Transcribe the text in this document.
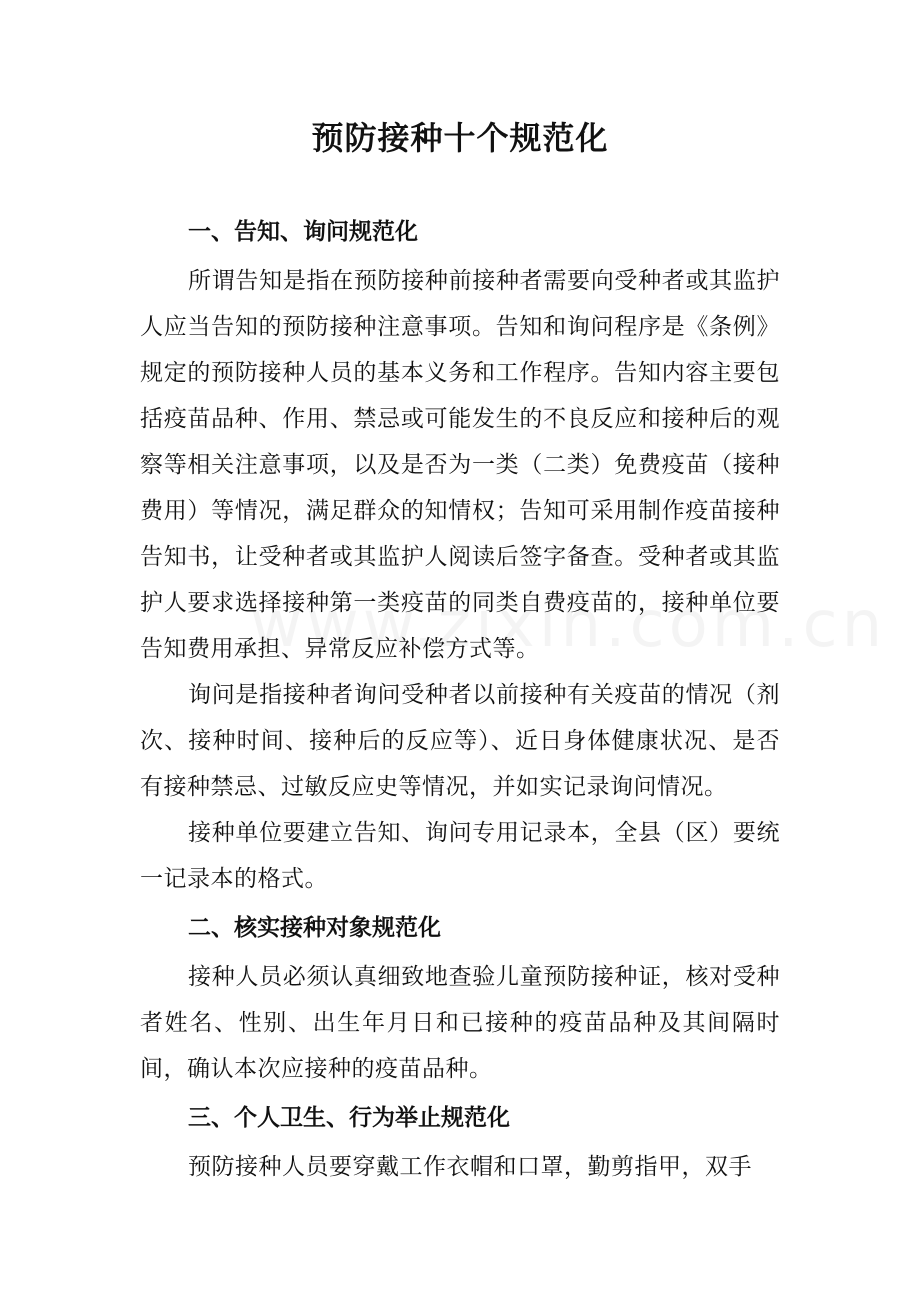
预防接种十个规范化

一、告知、询问规范化

所谓告知是指在预防接种前接种者需要向受种者或其监护人应当告知的预防接种注意事项。告知和询问程序是《条例》规定的预防接种人员的基本义务和工作程序。告知内容主要包括疫苗品种、作用、禁忌或可能发生的不良反应和接种后的观察等相关注意事项，以及是否为一类（二类）免费疫苗（接种费用）等情况，满足群众的知情权；告知可采用制作疫苗接种告知书，让受种者或其监护人阅读后签字备查。受种者或其监护人要求选择接种第一类疫苗的同类自费疫苗的，接种单位要告知费用承担、异常反应补偿方式等。

询问是指接种者询问受种者以前接种有关疫苗的情况（剂次、接种时间、接种后的反应等）、近日身体健康状况、是否有接种禁忌、过敏反应史等情况，并如实记录询问情况。

接种单位要建立告知、询问专用记录本，全县（区）要统一记录本的格式。

二、核实接种对象规范化

接种人员必须认真细致地查验儿童预防接种证，核对受种者姓名、性别、出生年月日和已接种的疫苗品种及其间隔时间，确认本次应接种的疫苗品种。

三、个人卫生、行为举止规范化

预防接种人员要穿戴工作衣帽和口罩，勤剪指甲，双手
